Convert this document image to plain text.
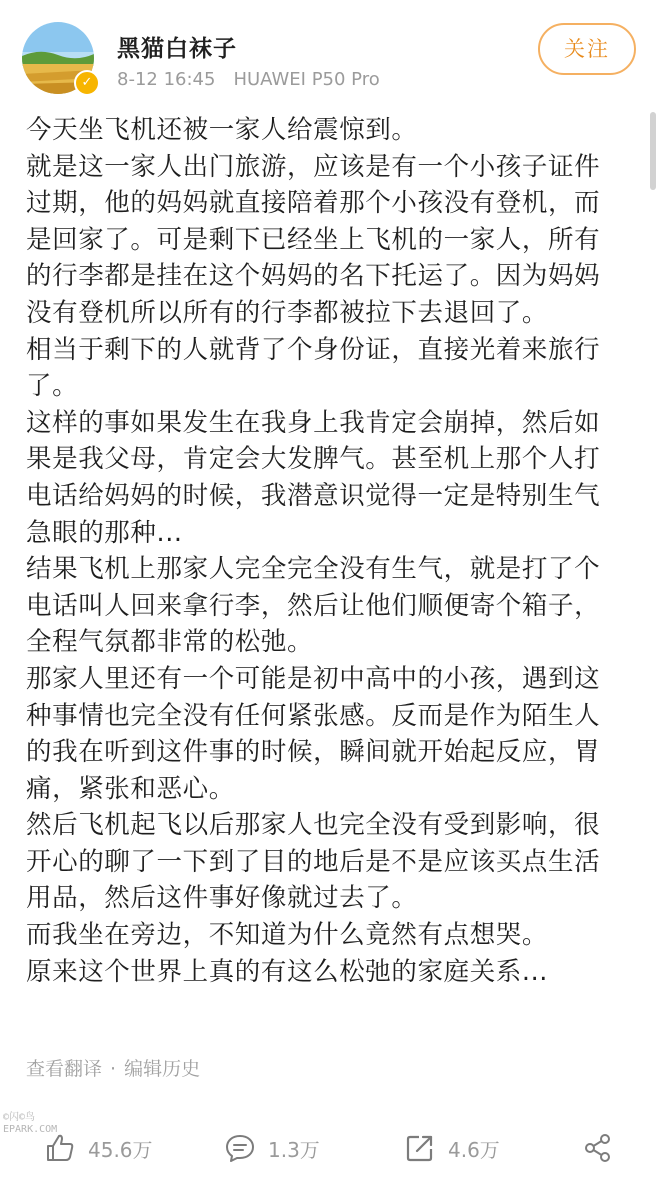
✓
黑猫白袜子
8-12 16:45 HUAWEI P50 Pro
关注
今天坐飞机还被一家人给震惊到。
就是这一家人出门旅游，应该是有一个小孩子证件
过期，他的妈妈就直接陪着那个小孩没有登机，而
是回家了。可是剩下已经坐上飞机的一家人，所有
的行李都是挂在这个妈妈的名下托运了。因为妈妈
没有登机所以所有的行李都被拉下去退回了。
相当于剩下的人就背了个身份证，直接光着来旅行
了。
这样的事如果发生在我身上我肯定会崩掉，然后如
果是我父母，肯定会大发脾气。甚至机上那个人打
电话给妈妈的时候，我潜意识觉得一定是特别生气
急眼的那种...
结果飞机上那家人完全完全没有生气，就是打了个
电话叫人回来拿行李，然后让他们顺便寄个箱子，
全程气氛都非常的松弛。
那家人里还有一个可能是初中高中的小孩，遇到这
种事情也完全没有任何紧张感。反而是作为陌生人
的我在听到这件事的时候，瞬间就开始起反应，胃
痛，紧张和恶心。
然后飞机起飞以后那家人也完全没有受到影响，很
开心的聊了一下到了目的地后是不是应该买点生活
用品，然后这件事好像就过去了。
而我坐在旁边，不知道为什么竟然有点想哭。
原来这个世界上真的有这么松弛的家庭关系...
查看翻译 · 编辑历史
©闪©鸟
EPARK.COM
45.6万	1.3万	4.6万
